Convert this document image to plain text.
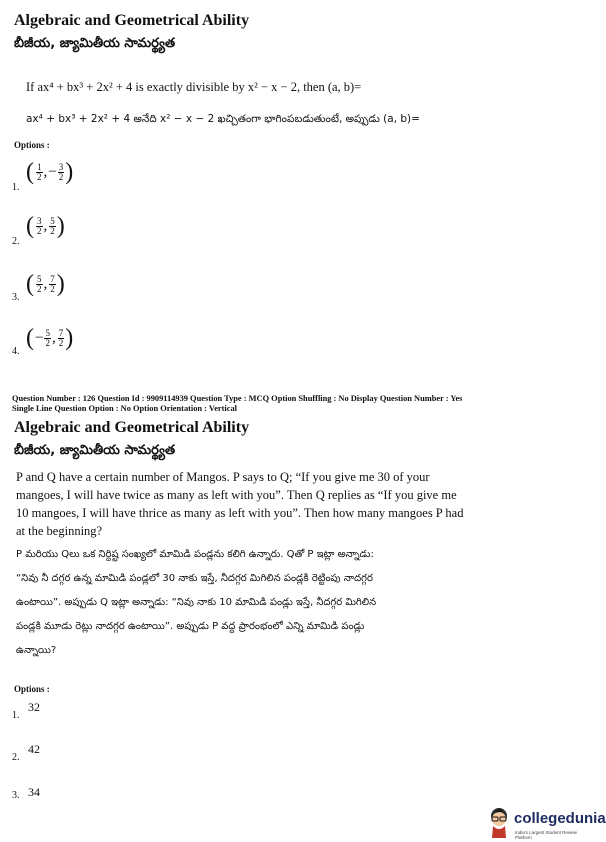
Algebraic and Geometrical Ability
బీజీయ, జ్యామితీయ సామర్థ్యత
If ax⁴ + bx³ + 2x² + 4 is exactly divisible by x² − x − 2, then (a, b)=
ax⁴ + bx³ + 2x² + 4 అనేది x² − x − 2 ఖచ్చితంగా భాగింపబడుతుంటే, అప్పుడు (a, b)=
Options :
1.
( $\frac{1}{2}$ , − $\frac{3}{2}$ )
2.
( $\frac{3}{2}$ , $\frac{5}{2}$ )
3.
( $\frac{5}{2}$ , $\frac{7}{2}$ )
4.
( − $\frac{5}{2}$ , $\frac{7}{2}$ )
Question Number : 126 Question Id : 9909114939 Question Type : MCQ Option Shuffling : No Display Question Number : Yes
Single Line Question Option : No Option Orientation : Vertical
Algebraic and Geometrical Ability
బీజీయ, జ్యామితీయ సామర్థ్యత
P and Q have a certain number of Mangos. P says to Q; “If you give me 30 of your
mangoes, I will have twice as many as left with you”. Then Q replies as “If you give me
10 mangoes, I will have thrice as many as left with you”. Then how many mangoes P had
at the beginning?
P మరియు Qలు ఒక నిర్దిష్ట సంఖ్యలో మామిడి పండ్లను కలిగి ఉన్నారు. Qతో P ఇట్లా అన్నాడు:
“నివు నీ దగ్గర ఉన్న మామిడి పండ్లలో 30 నాకు ఇస్తే, నీదగ్గర మిగిలిన పండ్లకి రెట్టింపు నాదగ్గర
ఉంటాయి”. అప్పుడు Q ఇట్లా అన్నాడు: “నివు నాకు 10 మామిడి పండ్లు ఇస్తే, నీదగ్గర మిగిలిన
పండ్లకి మూడు రెట్లు నాదగ్గర ఉంటాయి”. అప్పుడు P వద్ద ప్రారంభంలో ఎన్ని మామిడి పండ్లు
ఉన్నాయి?
Options :
1.
32
2.
42
3. 34
collegedunia
India's Largest Student Review Platform
